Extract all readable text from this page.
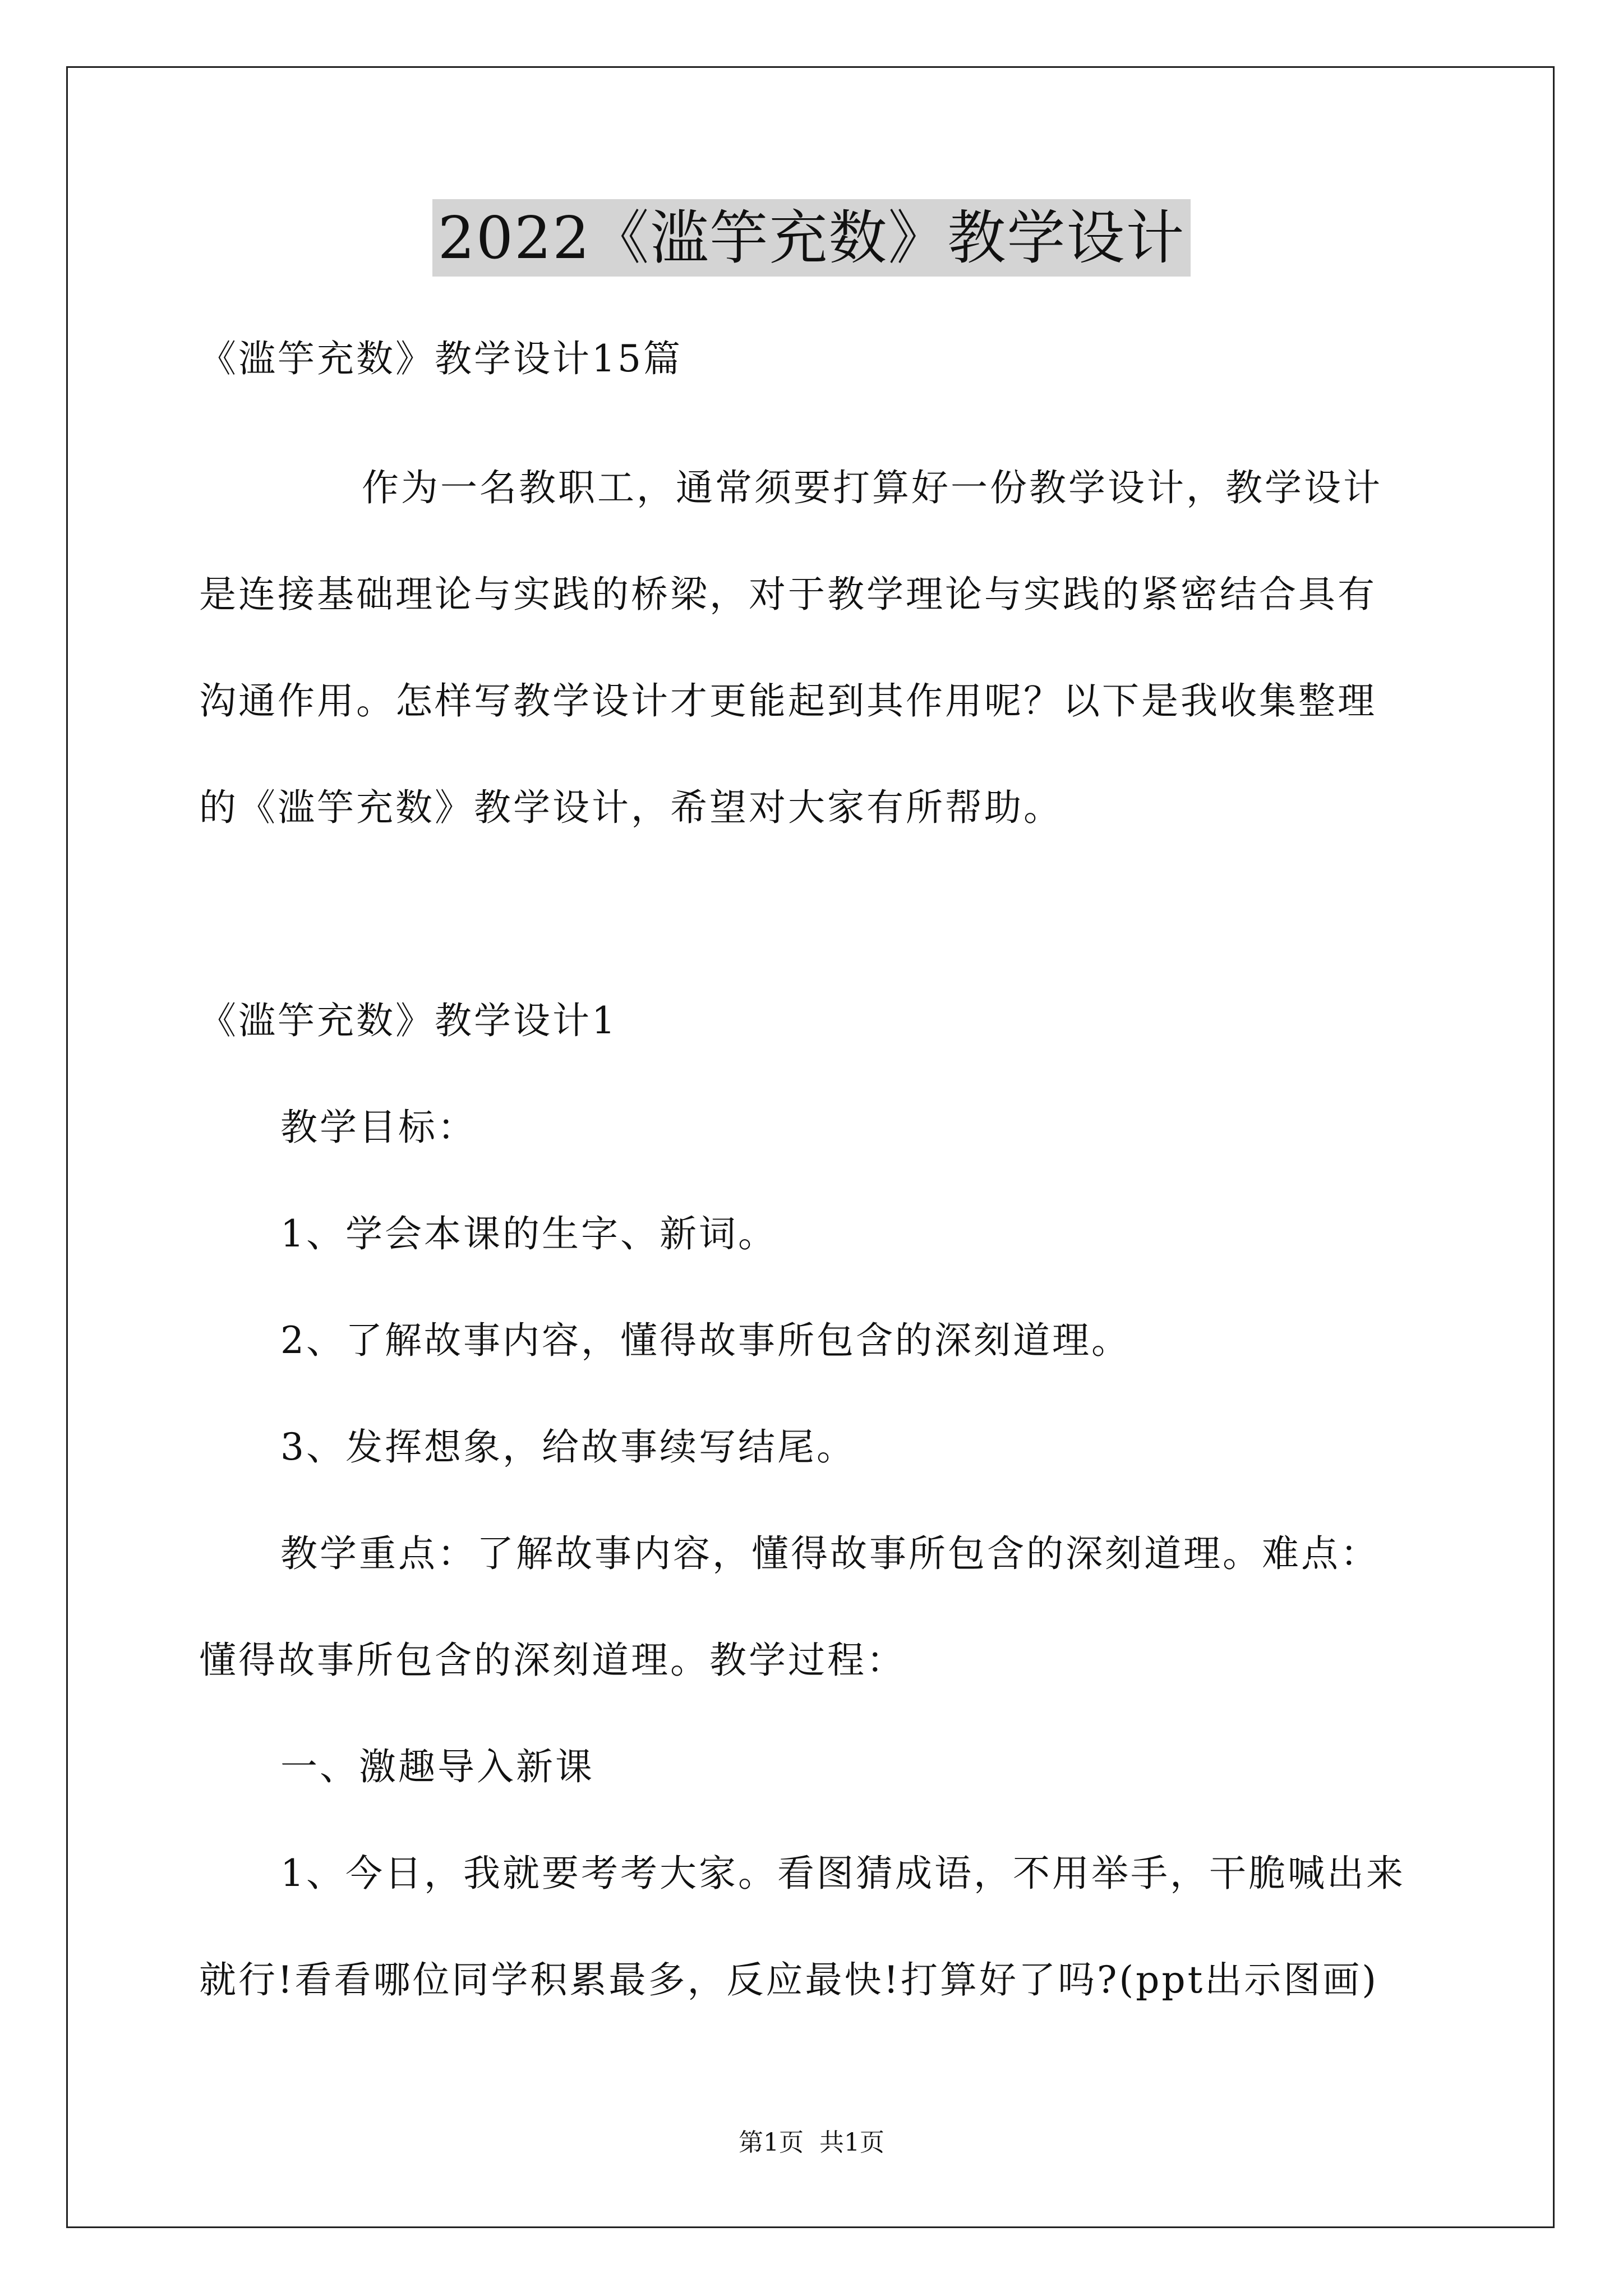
2022《滥竽充数》教学设计
《滥竽充数》教学设计15篇
作为一名教职工，通常须要打算好一份教学设计，教学设计
是连接基础理论与实践的桥梁，对于教学理论与实践的紧密结合具有
沟通作用。怎样写教学设计才更能起到其作用呢？以下是我收集整理
的《滥竽充数》教学设计，希望对大家有所帮助。
《滥竽充数》教学设计1
教学目标：
1、学会本课的生字、新词。
2、了解故事内容，懂得故事所包含的深刻道理。
3、发挥想象，给故事续写结尾。
教学重点：了解故事内容，懂得故事所包含的深刻道理。难点：
懂得故事所包含的深刻道理。教学过程：
一、激趣导入新课
1、今日，我就要考考大家。看图猜成语，不用举手，干脆喊出来
就行!看看哪位同学积累最多，反应最快!打算好了吗?(ppt出示图画)
第1页 共1页
